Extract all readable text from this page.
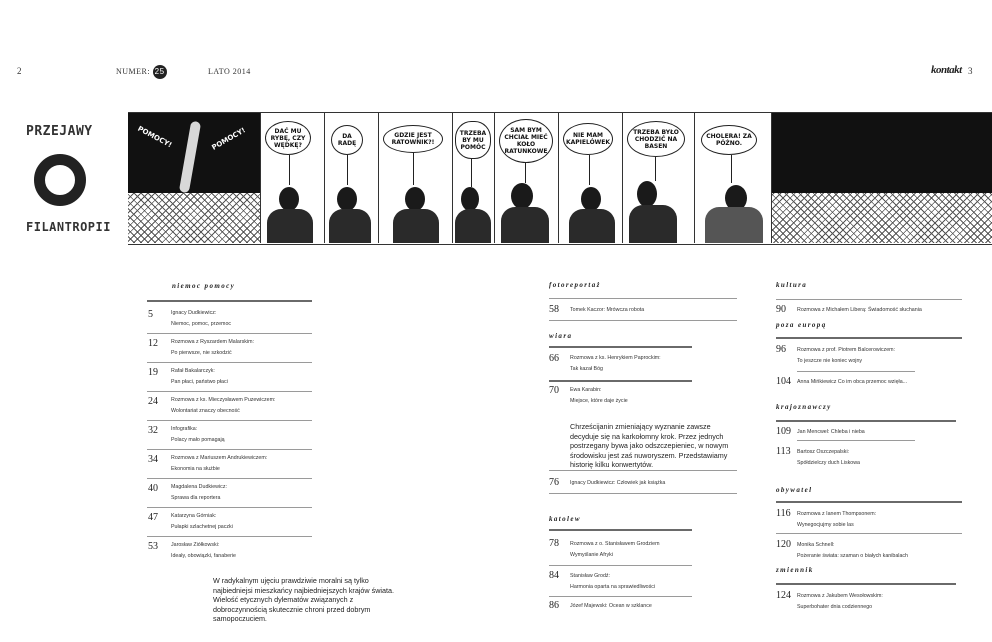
2	NUMER: 25	LATO 2014	kontakt 3
PRZEJAWY
FILANTROPII
POMOCY!	POMOCY!	DAĆ MU RYBĘ, CZY WĘDKĘ?
DA RADĘ
GDZIE JEST RATOWNIK?!
TRZEBA BY MU POMÓC
SAM BYM CHCIAŁ MIEĆ KOŁO RATUNKOWE
NIE MAM KAPIELÓWEK
TRZEBA BYŁO CHODZIĆ NA BASEN
CHOLERA! ZA PÓŹNO.
niemoc pomocy
5	Ignacy Dudkiewicz:
Niemoc, pomoc, przemoc
12 Rozmowa z Ryszardem Malarskim:
Po pierwsze, nie szkodzić
19 Rafał Bakalarczyk:
Pan płaci, państwo płaci
24 Rozmowa z ks. Mieczysławem Puzewiczem:
Wolontariat znaczy obecność
32 Infografika:
Polacy mało pomagają
34 Rozmowa z Mariuszem Andrukiewiczem:
Ekonomia na służbie
40 Magdalena Dudkiewicz:
Sprawa dla reportera
47 Katarzyna Górniak:
Pułapki szlachetnej paczki
53 Jarosław Ziółkowski:
Ideały, obowiązki, fanaberie
W radykalnym ujęciu prawdziwie moralni są tylko najbiedniejsi mieszkańcy najbiedniejszych krajów świata. Wielość etycznych dylematów związanych z dobroczynnością skutecznie chroni przed dobrym samopoczuciem.
fotoreportaż
58 Tomek Kaczor: Mrówcza robota
wiara
66 Rozmowa z ks. Henrykiem Paprockim:
Tak kazał Bóg
70 Ewa Karabin:
Miejsce, które daje życie
Chrześcijanin zmieniający wyznanie zawsze decyduje się na karkołomny krok. Przez jednych postrzegany bywa jako odszczepieniec, w nowym środowisku jest zaś nuworyszem. Przedstawiamy historię kilku konwertytów.
76 Ignacy Dudkiewicz: Człowiek jak książka
katolew
78 Rozmowa z o. Stanisławem Grodziem
Wymyślanie Afryki
84 Stanisław Grodź:
Harmonia oparta na sprawiedliwości
86 Józef Majewski: Ocean w szklance
kultura
90 Rozmowa z Michałem Liberą: Świadomość słuchania
poza europą
96 Rozmowa z prof. Piotrem Balcerowiczem:
To jeszcze nie koniec wojny
104 Anna Mińkiewicz Co im obca przemoc wzięła...
krajoznawczy
109 Jan Mencwel: Chleba i nieba
113 Bartosz Oszczepalski:
Spółdzielczy duch Liskowa
obywatel
116 Rozmowa z Ianem Thompsonem:
Wynegocjujmy sobie las
120 Monika Schnell:
Pożeranie świata: szaman o białych kanibalach
zmiennik
124 Rozmowa z Jakubem Wesołowskim:
Superbohater dnia codziennego
